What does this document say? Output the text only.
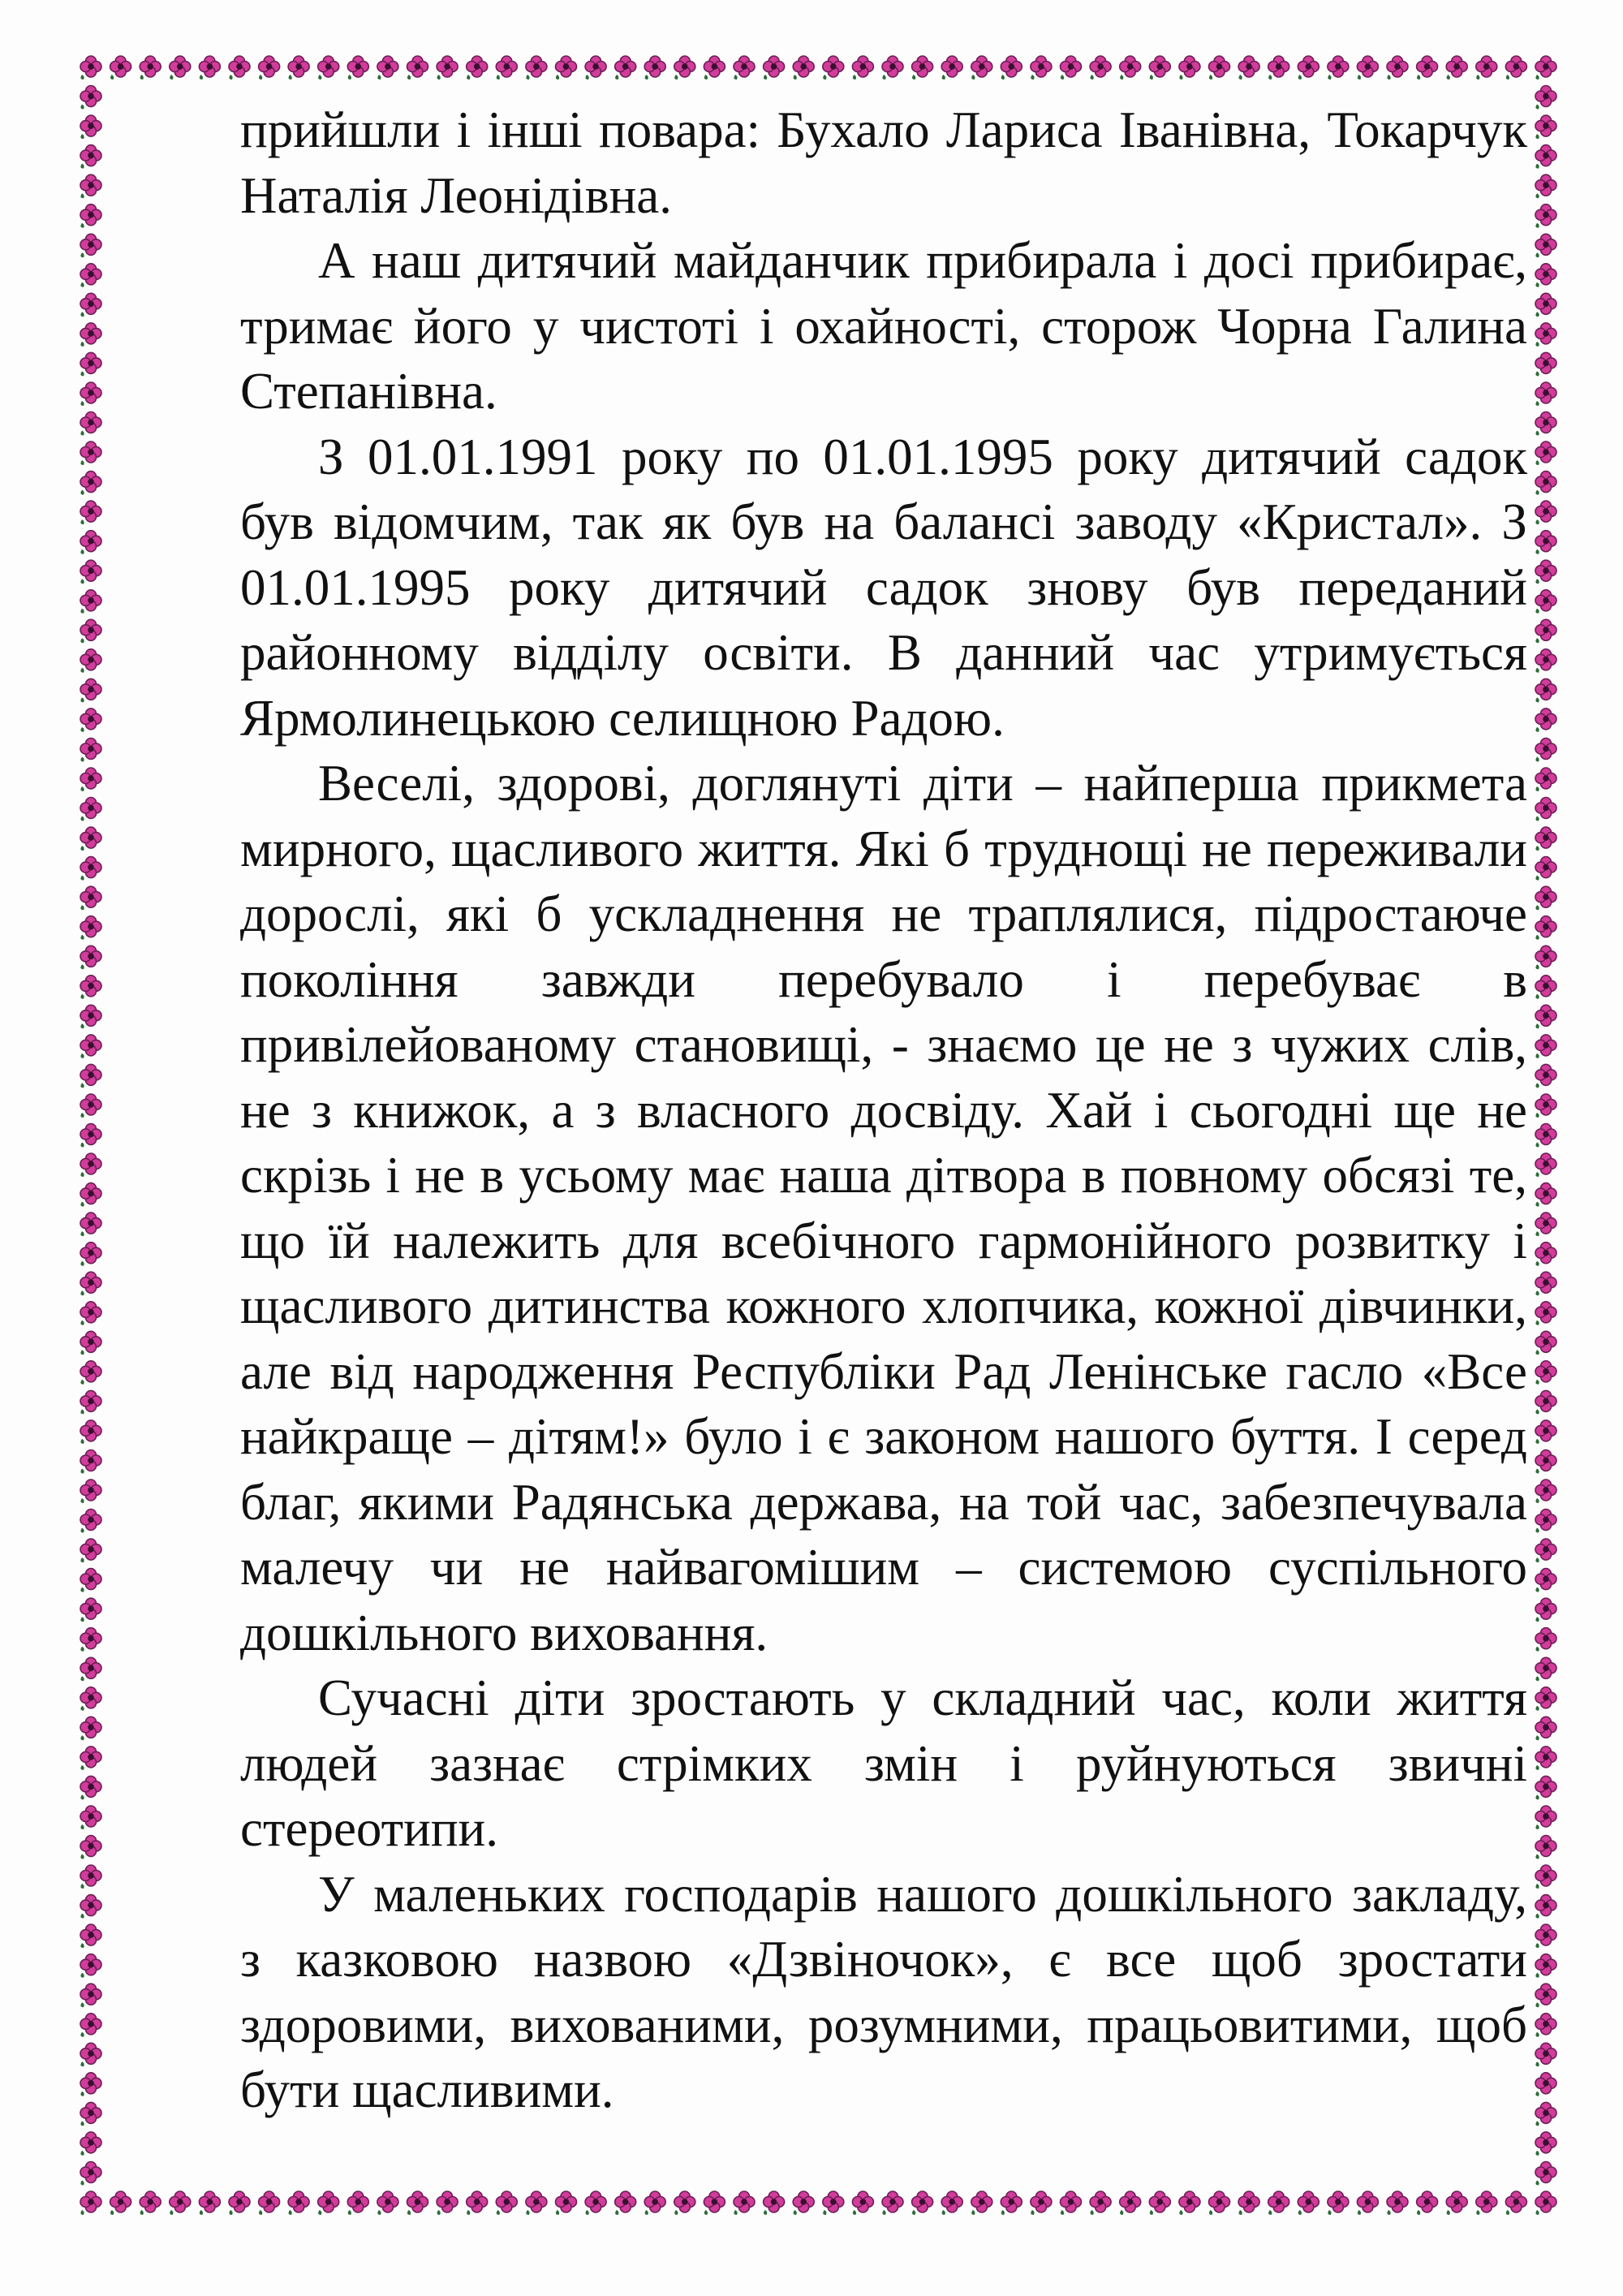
прийшли і інші повара: Бухало Лариса Іванівна, Токарчук Наталія Леонідівна.

А наш дитячий майданчик прибирала і досі прибирає, тримає його у чистоті і охайності, сторож Чорна Галина Степанівна.

З 01.01.1991 року по 01.01.1995 року дитячий садок був відомчим, так як був на балансі заводу «Кристал». З 01.01.1995 року дитячий садок знову був переданий районному відділу освіти. В данний час утримується Ярмолинецькою селищною Радою.

Веселі, здорові, доглянуті діти – найперша прикмета мирного, щасливого життя. Які б труднощі не переживали дорослі, які б ускладнення не траплялися, підростаюче покоління завжди перебувало і перебуває в привілейованому становищі, - знаємо це не з чужих слів, не з книжок, а з власного досвіду. Хай і сьогодні ще не скрізь і не в усьому має наша дітвора в повному обсязі те, що їй належить для всебічного гармонійного розвитку і щасливого дитинства кожного хлопчика, кожної дівчинки, але від народження Республіки Рад Ленінське гасло «Все найкраще – дітям!» було і є законом нашого буття. І серед благ, якими Радянська держава, на той час, забезпечувала малечу чи не найвагомішим – системою суспільного дошкільного виховання.

Сучасні діти зростають у складний час, коли життя людей зазнає стрімких змін і руйнуються звичні стереотипи.

У маленьких господарів нашого дошкільного закладу, з казковою назвою «Дзвіночок», є все щоб зростати здоровими, вихованими, розумними, працьовитими, щоб бути щасливими.
